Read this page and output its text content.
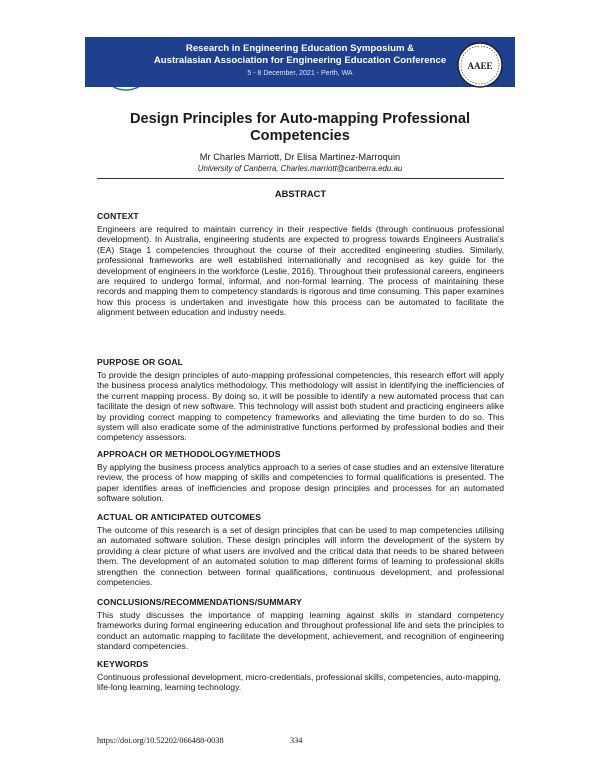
Research in Engineering Education Symposium &
Australasian Association for Engineering Education Conference
5 - 8 December, 2021 - Perth, WA
AAEE
Design Principles for Auto-mapping Professional Competencies
Mr Charles Marriott, Dr Elisa Martinez-Marroquin
University of Canberra, Charles.marriott@canberra.edu.au
ABSTRACT
CONTEXT

Engineers are required to maintain currency in their respective fields (through continuous professional development). In Australia, engineering students are expected to progress towards Engineers Australia's (EA) Stage 1 competencies throughout the course of their accredited engineering studies. Similarly, professional frameworks are well established internationally and recognised as key guide for the development of engineers in the workforce (Leslie, 2016). Throughout their professional careers, engineers are required to undergo formal, informal, and non-formal learning. The process of maintaining these records and mapping them to competency standards is rigorous and time consuming. This paper examines how this process is undertaken and investigate how this process can be automated to facilitate the alignment between education and industry needs.

PURPOSE OR GOAL

To provide the design principles of auto-mapping professional competencies, this research effort will apply the business process analytics methodology. This methodology will assist in identifying the inefficiencies of the current mapping process. By doing so, it will be possible to identify a new automated process that can facilitate the design of new software. This technology will assist both student and practicing engineers alike by providing correct mapping to competency frameworks and alleviating the time burden to do so. This system will also eradicate some of the administrative functions performed by professional bodies and their competency assessors.

APPROACH OR METHODOLOGY/METHODS

By applying the business process analytics approach to a series of case studies and an extensive literature review, the process of how mapping of skills and competencies to formal qualifications is presented. The paper identifies areas of inefficiencies and propose design principles and processes for an automated software solution.

ACTUAL OR ANTICIPATED OUTCOMES

The outcome of this research is a set of design principles that can be used to map competencies utilising an automated software solution. These design principles will inform the development of the system by providing a clear picture of what users are involved and the critical data that needs to be shared between them. The development of an automated solution to map different forms of learning to professional skills strengthen the connection between formal qualifications, continuous development, and professional competencies.

CONCLUSIONS/RECOMMENDATIONS/SUMMARY

This study discusses the importance of mapping learning against skills in standard competency frameworks during formal engineering education and throughout professional life and sets the principles to conduct an automatic mapping to facilitate the development, achievement, and recognition of engineering standard competencies.

KEYWORDS

Continuous professional development, micro-credentials, professional skills, competencies, auto-mapping, life-long learning, learning technology.

https://doi.org/10.52202/066488-0038	334
